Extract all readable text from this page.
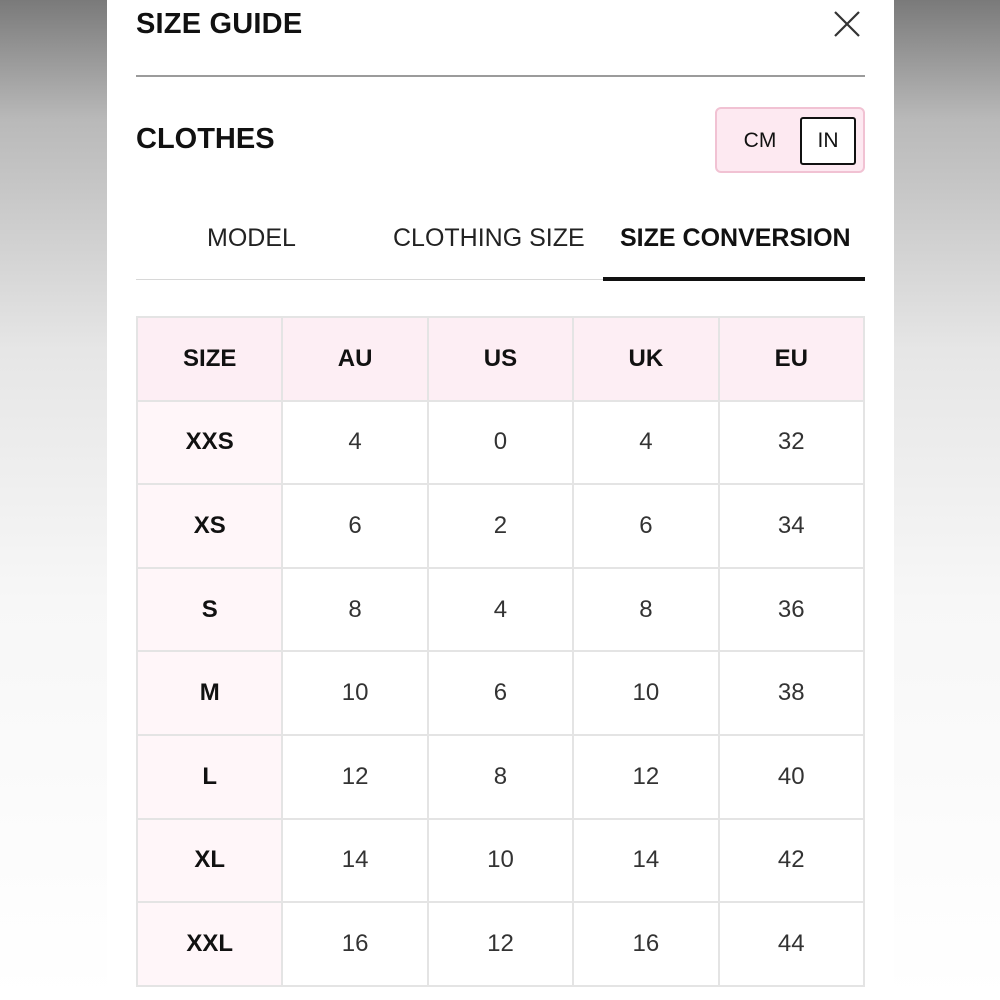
SIZE GUIDE
CLOTHES	CM	IN
MODEL	CLOTHING SIZE SIZE CONVERSION
SIZE	AU	US	UK	EU
XXS	4	0	4	32
XS	6	2	6	34
S	8	4	8	36
M	10	6	10	38
L	12	8	12	40
XL	14	10	14	42
XXL	16	12	16	44
